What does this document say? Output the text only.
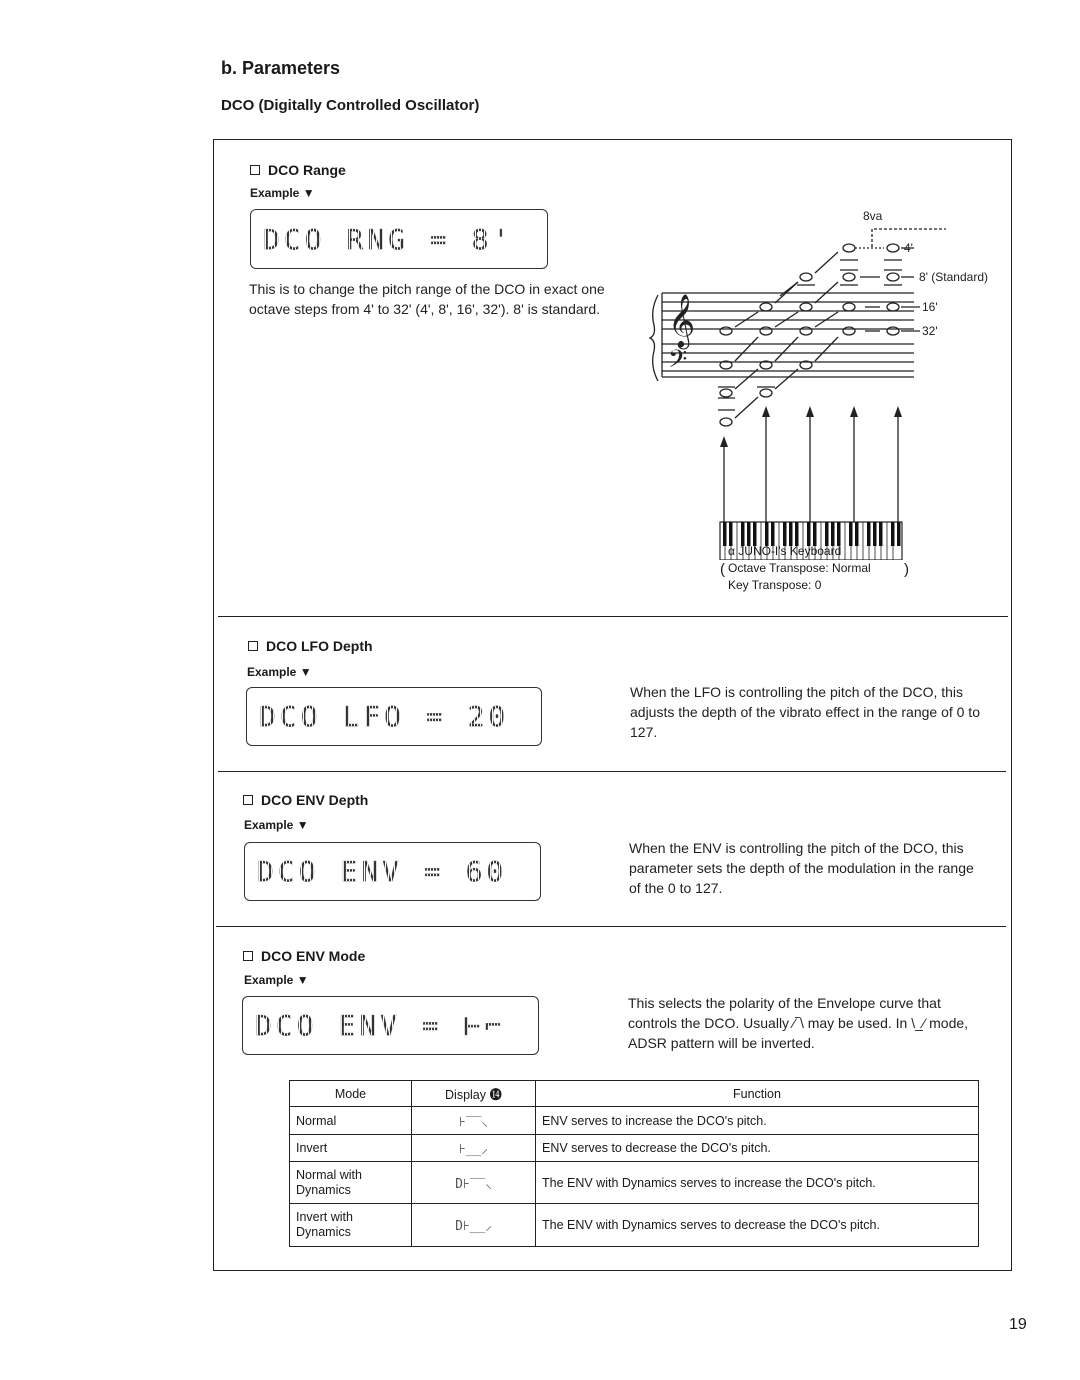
b. Parameters
DCO (Digitally Controlled Oscillator)
DCO Range
Example ▼
DCO RNG = 8'
This is to change the pitch range of the DCO in exact one octave steps from 4' to 32' (4', 8', 16', 32'). 8' is standard. 𝄞
𝄢
8va
4'
8' (Standard)
16'
32'
α JUNO-I's Keyboard
( Octave Transpose: Normal
Key Transpose: 0
)
DCO LFO Depth
Example ▼
DCO LFO = 20
When the LFO is controlling the pitch of the DCO, this adjusts the depth of the vibrato effect in the range of 0 to 127.
DCO ENV Depth
Example ▼
DCO ENV = 60
When the ENV is controlling the pitch of the DCO, this parameter sets the depth of the modulation in the range of the 0 to 127.
DCO ENV Mode
Example ▼
DCO ENV = ⊢⌐
This selects the polarity of the Envelope curve that controls the DCO. Usually ⁄‾\ may be used. In \_⁄ mode, ADSR pattern will be inverted.
Mode	Display ⓮	Function
Normal	⊦‾‾⸜	ENV serves to increase the DCO's pitch.
Invert	⊦__⸝	ENV serves to decrease the DCO's pitch.
Normal with Dynamics	D⊦‾‾⸜	The ENV with Dynamics serves to increase the DCO's pitch.
Invert with Dynamics	D⊦__⸝	The ENV with Dynamics serves to decrease the DCO's pitch.
19
